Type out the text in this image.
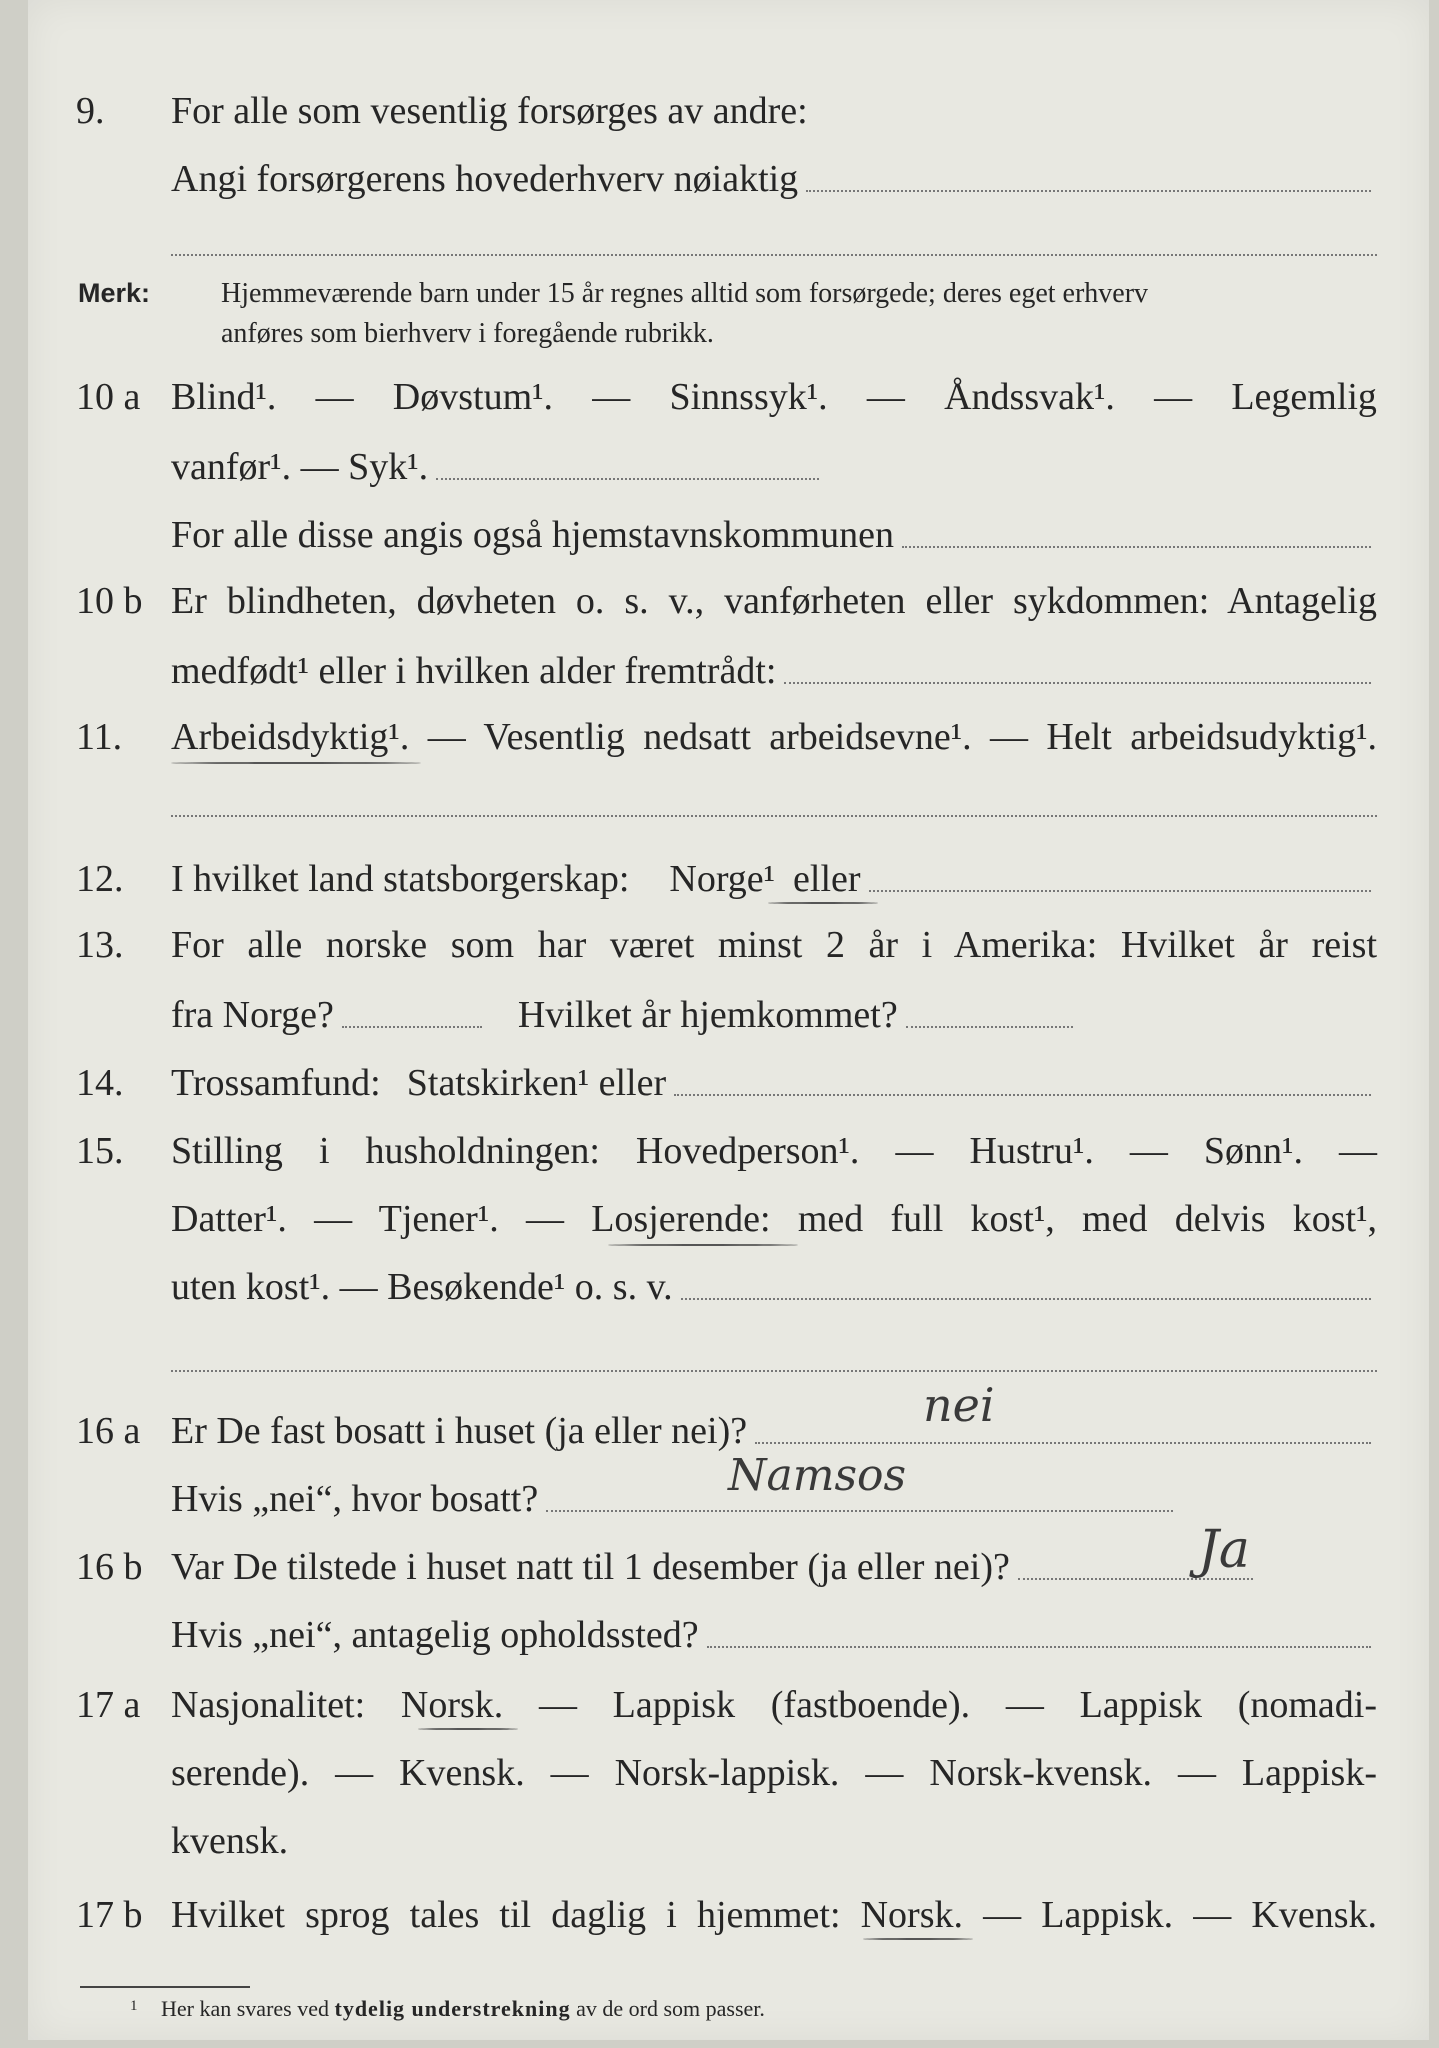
9.	For alle som vesentlig forsørges av andre:
Angi forsørgerens hovederhverv nøiaktig
Merk:	Hjemmeværende barn under 15 år regnes alltid som forsørgede; deres eget erhverv
anføres som bierhverv i foregående rubrikk.
10 a Blind¹. — Døvstum¹. — Sinnssyk¹. — Åndssvak¹. — Legemlig
vanfør¹. — Syk¹.
For alle disse angis også hjemstavnskommunen
10 b Er blindheten, døvheten o. s. v., vanførheten eller sykdommen: Antagelig
medfødt¹ eller i hvilken alder fremtrådt:
11.	Arbeidsdyktig¹. — Vesentlig nedsatt arbeidsevne¹. — Helt arbeidsudyktig¹.
12.	I hvilket land statsborgerskap: Norge¹ eller
13.	For alle norske som har været minst 2 år i Amerika: Hvilket år reist
fra Norge?	Hvilket år hjemkommet?
14.	Trossamfund: Statskirken¹ eller
15.	Stilling i husholdningen: Hovedperson¹. — Hustru¹. — Sønn¹. —
Datter¹. — Tjener¹. — Losjerende: med full kost¹, med delvis kost¹,
uten kost¹. — Besøkende¹ o. s. v.
16 a Er De fast bosatt i huset (ja eller nei)?	nei
Hvis „nei“, hvor bosatt?	Namsos
16 b Var De tilstede i huset natt til 1 desember (ja eller nei)?	Ja
Hvis „nei“, antagelig opholdssted?
17 a Nasjonalitet: Norsk. — Lappisk (fastboende). — Lappisk (nomadi-
serende). — Kvensk. — Norsk-lappisk. — Norsk-kvensk. — Lappisk-
kvensk.
17 b Hvilket sprog tales til daglig i hjemmet: Norsk. — Lappisk. — Kvensk.
$^1$ Her kan svares ved tydelig understrekning av de ord som passer.
